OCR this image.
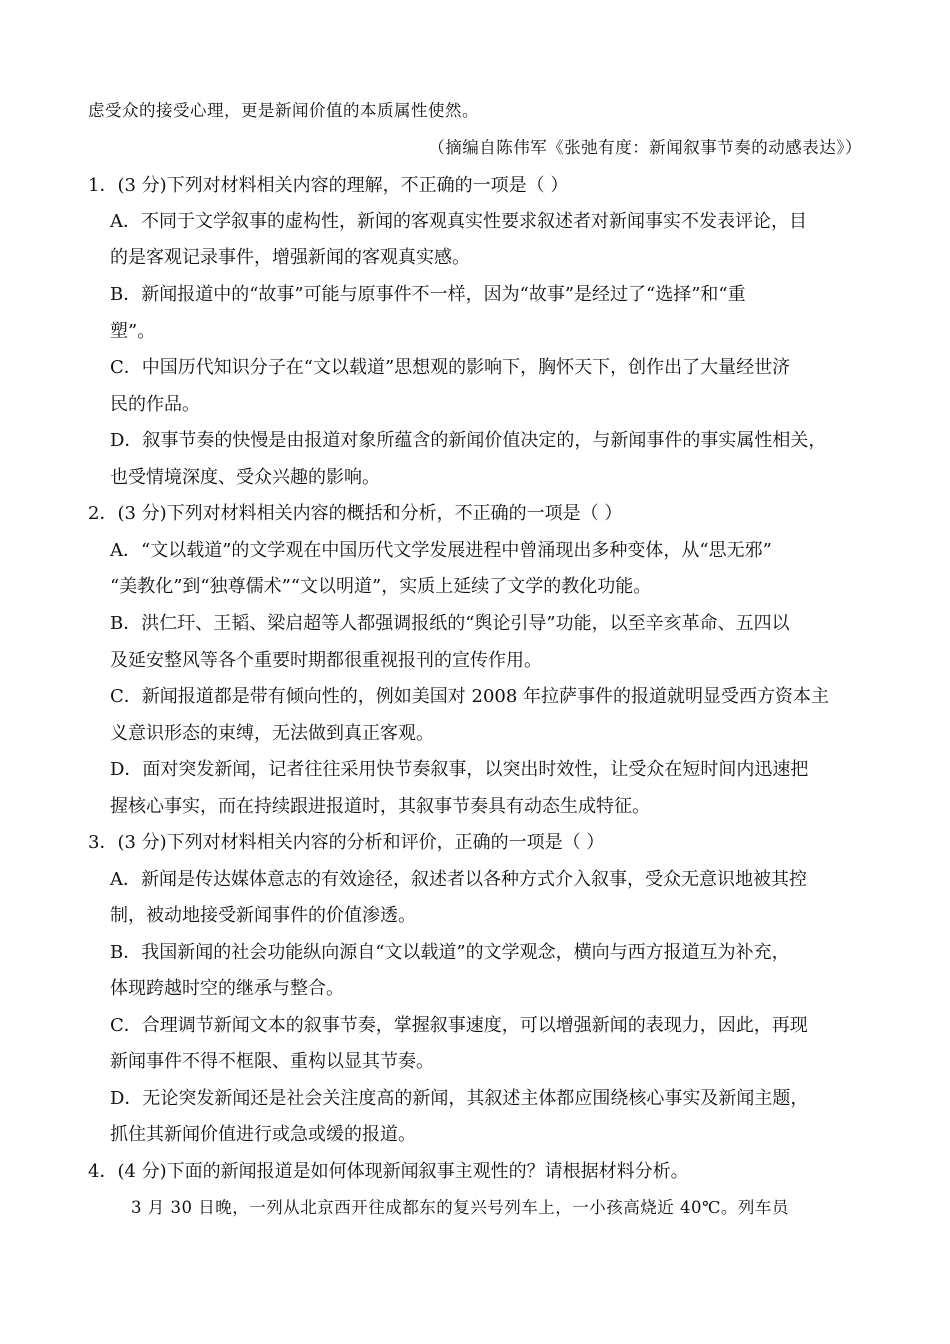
虑受众的接受心理，更是新闻价值的本质属性使然。
（摘编自陈伟军《张弛有度：新闻叙事节奏的动感表达》）
1．(3 分)下列对材料相关内容的理解，不正确的一项是（ ）
A．不同于文学叙事的虚构性，新闻的客观真实性要求叙述者对新闻事实不发表评论，目
的是客观记录事件，增强新闻的客观真实感。
B．新闻报道中的“故事”可能与原事件不一样，因为“故事”是经过了“选择”和“重
塑”。
C．中国历代知识分子在“文以载道”思想观的影响下，胸怀天下，创作出了大量经世济
民的作品。
D．叙事节奏的快慢是由报道对象所蕴含的新闻价值决定的，与新闻事件的事实属性相关，
也受情境深度、受众兴趣的影响。
2．(3 分)下列对材料相关内容的概括和分析，不正确的一项是（ ）
A．“文以载道”的文学观在中国历代文学发展进程中曾涌现出多种变体，从“思无邪”
“美教化”到“独尊儒术”“文以明道”，实质上延续了文学的教化功能。
B．洪仁玕、王韬、梁启超等人都强调报纸的“舆论引导”功能，以至辛亥革命、五四以
及延安整风等各个重要时期都很重视报刊的宣传作用。
C．新闻报道都是带有倾向性的，例如美国对 2008 年拉萨事件的报道就明显受西方资本主
义意识形态的束缚，无法做到真正客观。
D．面对突发新闻，记者往往采用快节奏叙事，以突出时效性，让受众在短时间内迅速把
握核心事实，而在持续跟进报道时，其叙事节奏具有动态生成特征。
3．(3 分)下列对材料相关内容的分析和评价，正确的一项是（ ）
A．新闻是传达媒体意志的有效途径，叙述者以各种方式介入叙事，受众无意识地被其控
制，被动地接受新闻事件的价值渗透。
B．我国新闻的社会功能纵向源自“文以载道”的文学观念，横向与西方报道互为补充，
体现跨越时空的继承与整合。
C．合理调节新闻文本的叙事节奏，掌握叙事速度，可以增强新闻的表现力，因此，再现
新闻事件不得不框限、重构以显其节奏。
D．无论突发新闻还是社会关注度高的新闻，其叙述主体都应围绕核心事实及新闻主题，
抓住其新闻价值进行或急或缓的报道。
4．(4 分)下面的新闻报道是如何体现新闻叙事主观性的？请根据材料分析。
3 月 30 日晚，一列从北京西开往成都东的复兴号列车上，一小孩高烧近 40℃。列车员
